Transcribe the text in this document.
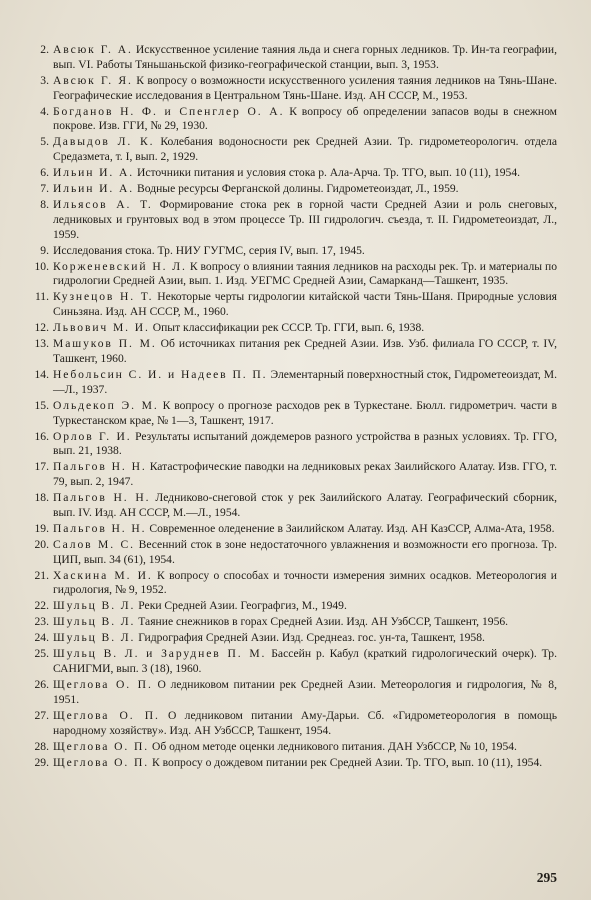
2. Авсюк Г. А. Искусственное усиление таяния льда и снега горных ледников. Тр. Ин-та географии, вып. VI. Работы Тяньшаньской физико-географической станции, вып. 3, 1953.
3. Авсюк Г. Я. К вопросу о возможности искусственного усиления таяния ледников на Тянь-Шане. Географические исследования в Центральном Тянь-Шане. Изд. АН СССР, М., 1953.
4. Богданов Н. Ф. и Спенглер О. А. К вопросу об определении запасов воды в снежном покрове. Изв. ГГИ, № 29, 1930.
5. Давыдов Л. К. Колебания водоносности рек Средней Азии. Тр. гидрометеорологич. отдела Средазмета, т. I, вып. 2, 1929.
6. Ильин И. А. Источники питания и условия стока р. Ала-Арча. Тр. ТГО, вып. 10 (11), 1954.
7. Ильин И. А. Водные ресурсы Ферганской долины. Гидрометеоиздат, Л., 1959.
8. Ильясов А. Т. Формирование стока рек в горной части Средней Азии и роль снеговых, ледниковых и грунтовых вод в этом процессе Тр. III гидрологич. съезда, т. II. Гидрометеоиздат, Л., 1959.
9. Исследования стока. Тр. НИУ ГУГМС, серия IV, вып. 17, 1945.
10. Корженевский Н. Л. К вопросу о влиянии таяния ледников на расходы рек. Тр. и материалы по гидрологии Средней Азии, вып. 1. Изд. УЕГМС Средней Азии, Самарканд—Ташкент, 1935.
11. Кузнецов Н. Т. Некоторые черты гидрологии китайской части Тянь-Шаня. Природные условия Синьзяна. Изд. АН СССР, М., 1960.
12. Львович М. И. Опыт классификации рек СССР. Тр. ГГИ, вып. 6, 1938.
13. Машуков П. М. Об источниках питания рек Средней Азии. Изв. Узб. филиала ГО СССР, т. IV, Ташкент, 1960.
14. Небольсин С. И. и Надеев П. П. Элементарный поверхностный сток, Гидрометеоиздат, М.—Л., 1937.
15. Ольдекоп Э. М. К вопросу о прогнозе расходов рек в Туркестане. Бюлл. гидрометрич. части в Туркестанском крае, № 1—3, Ташкент, 1917.
16. Орлов Г. И. Результаты испытаний дождемеров разного устройства в разных условиях. Тр. ГГО, вып. 21, 1938.
17. Пальгов Н. Н. Катастрофические паводки на ледниковых реках Заилийского Алатау. Изв. ГГО, т. 79, вып. 2, 1947.
18. Пальгов Н. Н. Ледниково-снеговой сток у рек Заилийского Алатау. Географический сборник, вып. IV. Изд. АН СССР, М.—Л., 1954.
19. Пальгов Н. Н. Современное оледенение в Заилийском Алатау. Изд. АН КазССР, Алма-Ата, 1958.
20. Салов М. С. Весенний сток в зоне недостаточного увлажнения и возможности его прогноза. Тр. ЦИП, вып. 34 (61), 1954.
21. Хаскина М. И. К вопросу о способах и точности измерения зимних осадков. Метеорология и гидрология, № 9, 1952.
22. Шульц В. Л. Реки Средней Азии. Географгиз, М., 1949.
23. Шульц В. Л. Таяние снежников в горах Средней Азии. Изд. АН УзбССР, Ташкент, 1956.
24. Шульц В. Л. Гидрография Средней Азии. Изд. Среднеаз. гос. ун-та, Ташкент, 1958.
25. Шульц В. Л. и Заруднев П. М. Бассейн р. Кабул (краткий гидрологический очерк). Тр. САНИГМИ, вып. 3 (18), 1960.
26. Щеглова О. П. О ледниковом питании рек Средней Азии. Метеорология и гидрология, № 8, 1951.
27. Щеглова О. П. О ледниковом питании Аму-Дарьи. Сб. «Гидрометеорология в помощь народному хозяйству». Изд. АН УзбССР, Ташкент, 1954.
28. Щеглова О. П. Об одном методе оценки ледникового питания. ДАН УзбССР, № 10, 1954.
29. Щеглова О. П. К вопросу о дождевом питании рек Средней Азии. Тр. ТГО, вып. 10 (11), 1954.
295
